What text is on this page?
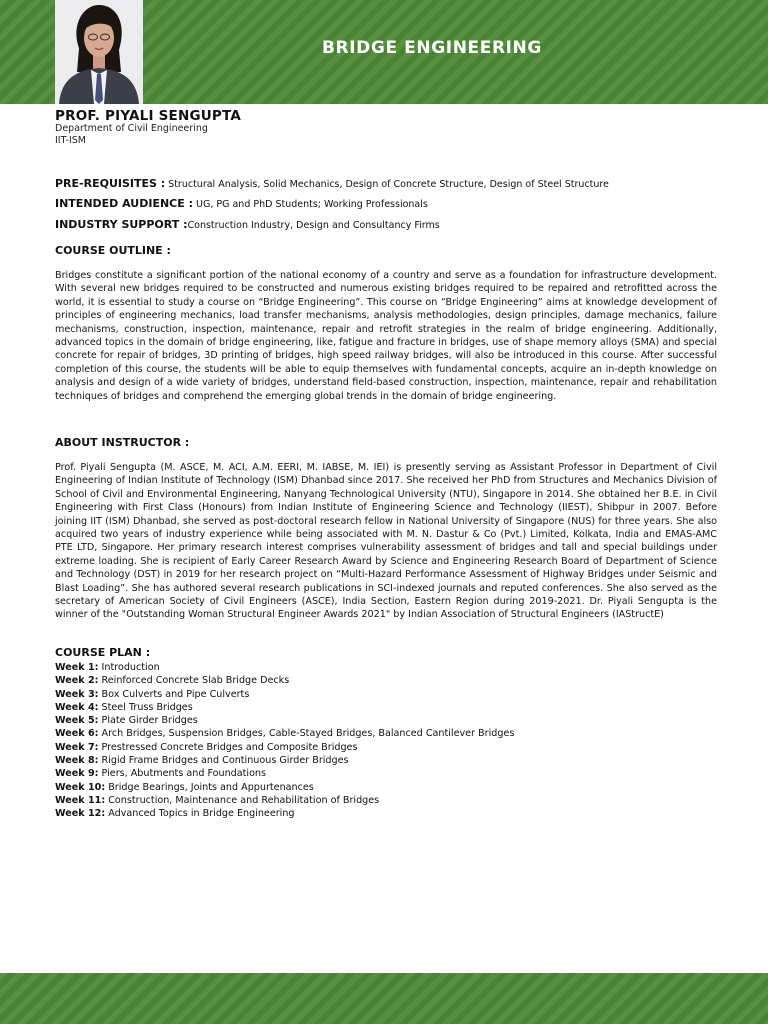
BRIDGE ENGINEERING
PROF. PIYALI SENGUPTA
Department of Civil Engineering
IIT-ISM
PRE-REQUISITES : Structural Analysis, Solid Mechanics, Design of Concrete Structure, Design of Steel Structure
INTENDED AUDIENCE : UG, PG and PhD Students; Working Professionals
INDUSTRY SUPPORT :Construction Industry, Design and Consultancy Firms
COURSE OUTLINE :
Bridges constitute a significant portion of the national economy of a country and serve as a foundation for infrastructure development. With several new bridges required to be constructed and numerous existing bridges required to be repaired and retrofitted across the world, it is essential to study a course on “Bridge Engineering”. This course on “Bridge Engineering” aims at knowledge development of principles of engineering mechanics, load transfer mechanisms, analysis methodologies, design principles, damage mechanics, failure mechanisms, construction, inspection, maintenance, repair and retrofit strategies in the realm of bridge engineering. Additionally, advanced topics in the domain of bridge engineering, like, fatigue and fracture in bridges, use of shape memory alloys (SMA) and special concrete for repair of bridges, 3D printing of bridges, high speed railway bridges, will also be introduced in this course. After successful completion of this course, the students will be able to equip themselves with fundamental concepts, acquire an in-depth knowledge on analysis and design of a wide variety of bridges, understand field-based construction, inspection, maintenance, repair and rehabilitation techniques of bridges and comprehend the emerging global trends in the domain of bridge engineering.
ABOUT INSTRUCTOR :
Prof. Piyali Sengupta (M. ASCE, M. ACI, A.M. EERI, M. IABSE, M. IEI) is presently serving as Assistant Professor in Department of Civil Engineering of Indian Institute of Technology (ISM) Dhanbad since 2017. She received her PhD from Structures and Mechanics Division of School of Civil and Environmental Engineering, Nanyang Technological University (NTU), Singapore in 2014. She obtained her B.E. in Civil Engineering with First Class (Honours) from Indian Institute of Engineering Science and Technology (IIEST), Shibpur in 2007. Before joining IIT (ISM) Dhanbad, she served as post-doctoral research fellow in National University of Singapore (NUS) for three years. She also acquired two years of industry experience while being associated with M. N. Dastur & Co (Pvt.) Limited, Kolkata, India and EMAS-AMC PTE LTD, Singapore. Her primary research interest comprises vulnerability assessment of bridges and tall and special buildings under extreme loading. She is recipient of Early Career Research Award by Science and Engineering Research Board of Department of Science and Technology (DST) in 2019 for her research project on “Multi-Hazard Performance Assessment of Highway Bridges under Seismic and Blast Loading”. She has authored several research publications in SCI-indexed journals and reputed conferences. She also served as the secretary of American Society of Civil Engineers (ASCE), India Section, Eastern Region during 2019-2021. Dr. Piyali Sengupta is the winner of the "Outstanding Woman Structural Engineer Awards 2021" by Indian Association of Structural Engineers (IAStructE)
COURSE PLAN :
Week 1: Introduction
Week 2: Reinforced Concrete Slab Bridge Decks
Week 3: Box Culverts and Pipe Culverts
Week 4: Steel Truss Bridges
Week 5: Plate Girder Bridges
Week 6: Arch Bridges, Suspension Bridges, Cable-Stayed Bridges, Balanced Cantilever Bridges
Week 7: Prestressed Concrete Bridges and Composite Bridges
Week 8: Rigid Frame Bridges and Continuous Girder Bridges
Week 9: Piers, Abutments and Foundations
Week 10: Bridge Bearings, Joints and Appurtenances
Week 11: Construction, Maintenance and Rehabilitation of Bridges
Week 12: Advanced Topics in Bridge Engineering
